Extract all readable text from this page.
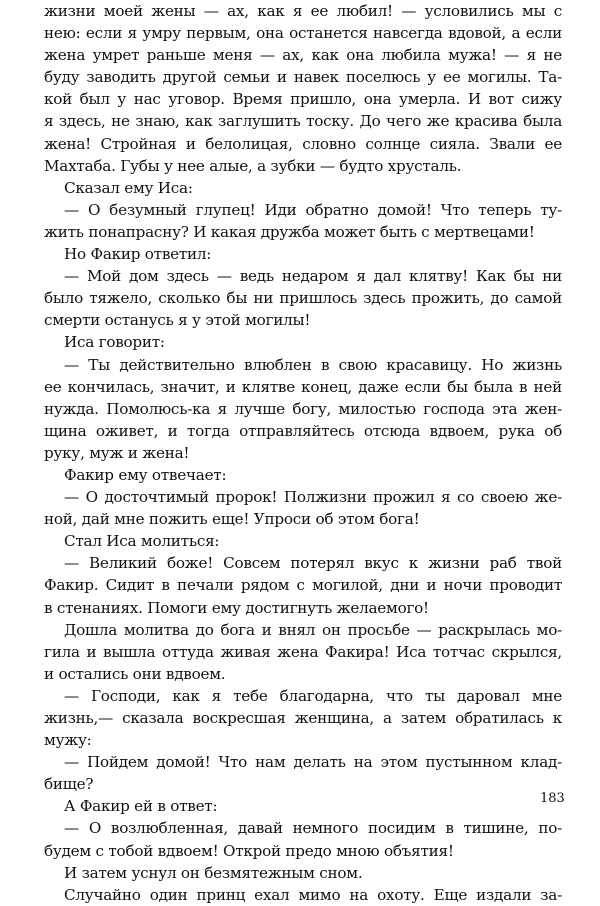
жизни моей жены — ах, как я ее любил! — условились мы с
нею: если я умру первым, она останется навсегда вдовой, а если
жена умрет раньше меня — ах, как она любила мужа! — я не
буду заводить другой семьи и навек поселюсь у ее могилы. Та-
кой был у нас уговор. Время пришло, она умерла. И вот сижу
я здесь, не знаю, как заглушить тоску. До чего же красива была
жена! Стройная и белолицая, словно солнце сияла. Звали ее
Махтаба. Губы у нее алые, а зубки — будто хрусталь.
Сказал ему Иса:
— О безумный глупец! Иди обратно домой! Что теперь ту-
жить понапрасну? И какая дружба может быть с мертвецами!
Но Факир ответил:
— Мой дом здесь — ведь недаром я дал клятву! Как бы ни
было тяжело, сколько бы ни пришлось здесь прожить, до самой
смерти останусь я у этой могилы!
Иса говорит:
— Ты действительно влюблен в свою красавицу. Но жизнь
ее кончилась, значит, и клятве конец, даже если бы была в ней
нужда. Помолюсь-ка я лучше богу, милостью господа эта жен-
щина оживет, и тогда отправляйтесь отсюда вдвоем, рука об
руку, муж и жена!
Факир ему отвечает:
— О досточтимый пророк! Полжизни прожил я со своею же-
ной, дай мне пожить еще! Упроси об этом бога!
Стал Иса молиться:
— Великий боже! Совсем потерял вкус к жизни раб твой
Факир. Сидит в печали рядом с могилой, дни и ночи проводит
в стенаниях. Помоги ему достигнуть желаемого!
Дошла молитва до бога и внял он просьбе — раскрылась мо-
гила и вышла оттуда живая жена Факира! Иса тотчас скрылся,
и остались они вдвоем.
— Господи, как я тебе благодарна, что ты даровал мне
жизнь,— сказала воскресшая женщина, а затем обратилась к
мужу:
— Пойдем домой! Что нам делать на этом пустынном клад-
бище?
А Факир ей в ответ:
— О возлюбленная, давай немного посидим в тишине, по-
будем с тобой вдвоем! Открой предо мною объятия!
И затем уснул он безмятежным сном.
Случайно один принц ехал мимо на охоту. Еще издали за-
183
